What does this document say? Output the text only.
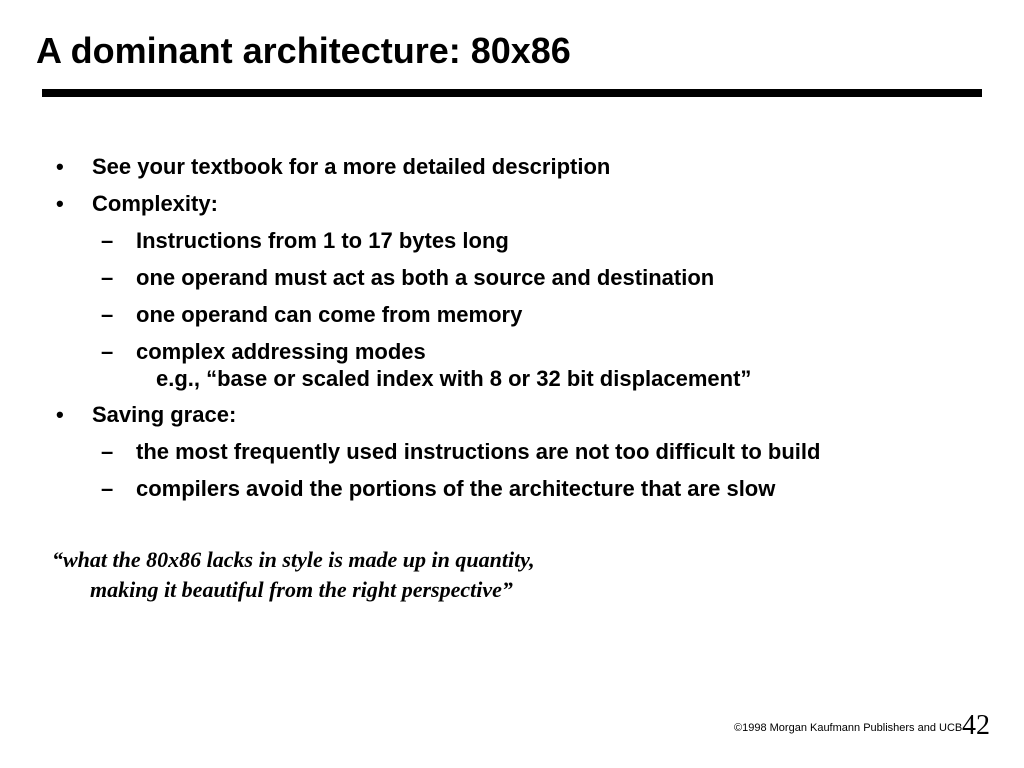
A dominant architecture: 80x86
• See your textbook for a more detailed description
• Complexity:
– Instructions from 1 to 17 bytes long
– one operand must act as both a source and destination
– one operand can come from memory
– complex addressing modes
e.g., “base or scaled index with 8 or 32 bit displacement”
• Saving grace:
– the most frequently used instructions are not too difficult to build
– compilers avoid the portions of the architecture that are slow
“what the 80x86 lacks in style is made up in quantity,
making it beautiful from the right perspective”
©1998 Morgan Kaufmann Publishers and UCB 42
